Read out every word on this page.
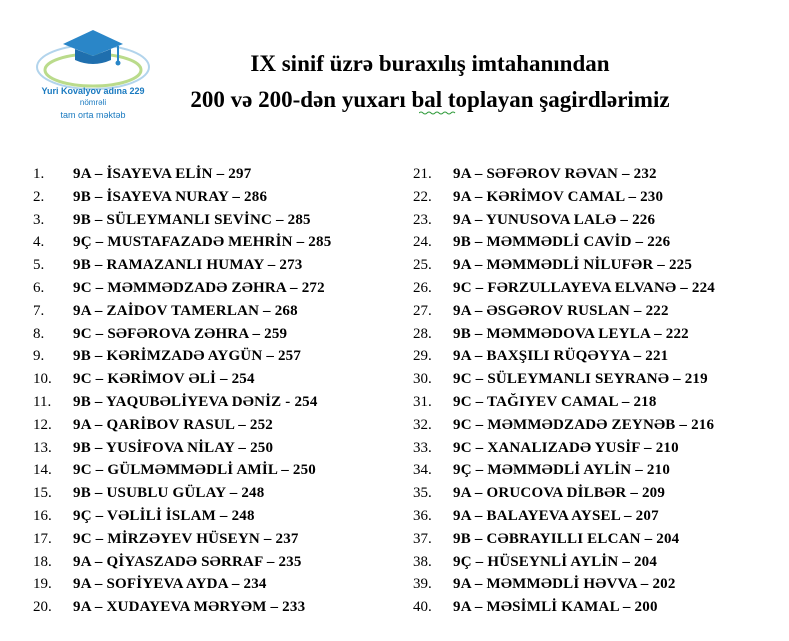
Yuri Kovalyov adına 229
nömrəli
tam orta məktəb
IX sinif üzrə buraxılış imtahanından
200 və 200-dən yuxarı bal toplayan şagirdlərimiz
1. 9A – İSAYEVA ELİN – 297
2. 9B – İSAYEVA NURAY – 286
3. 9B – SÜLEYMANLI SEVİNC – 285
4. 9Ç – MUSTAFAZADƏ MEHRİN – 285
5. 9B – RAMAZANLI HUMAY – 273
6. 9C – MƏMMƏDZADƏ ZƏHRA – 272
7. 9A – ZAİDOV TAMERLAN – 268
8. 9C – SƏFƏROVA ZƏHRA – 259
9. 9B – KƏRİMZADƏ AYGÜN – 257
10. 9C – KƏRİMOV ƏLİ – 254
11. 9B – YAQUBƏLİYEVA DƏNİZ - 254
12. 9A – QARİBOV RASUL – 252
13. 9B – YUSİFOVA NİLAY – 250
14. 9C – GÜLMƏMMƏDLİ AMİL – 250
15. 9B – USUBLU GÜLAY – 248
16. 9Ç – VƏLİLİ İSLAM – 248
17. 9C – MİRZƏYEV HÜSEYN – 237
18. 9A – QİYASZADƏ SƏRRAF – 235
19. 9A – SOFİYEVA AYDA – 234
20. 9A – XUDAYEVA MƏRYƏM – 233
21. 9A – SƏFƏROV RƏVAN – 232
22. 9A – KƏRİMOV CAMAL – 230
23. 9A – YUNUSOVA LALƏ – 226
24. 9B – MƏMMƏDLİ CAVİD – 226
25. 9A – MƏMMƏDLİ NİLUFƏR – 225
26. 9C – FƏRZULLAYEVA ELVANƏ – 224
27. 9A – ƏSGƏROV RUSLAN – 222
28. 9B – MƏMMƏDOVA LEYLA – 222
29. 9A – BAXŞILI RÜQƏYYA – 221
30. 9C – SÜLEYMANLI SEYRANƏ – 219
31. 9C – TAĞIYEV CAMAL – 218
32. 9C – MƏMMƏDZADƏ ZEYNƏB – 216
33. 9C – XANALIZADƏ YUSİF – 210
34. 9Ç – MƏMMƏDLİ AYLİN – 210
35. 9A – ORUCOVA DİLBƏR – 209
36. 9A – BALAYEVA AYSEL – 207
37. 9B – CƏBRAYILLI ELCAN – 204
38. 9Ç – HÜSEYNLİ AYLİN – 204
39. 9A – MƏMMƏDLİ HƏVVA – 202
40. 9A – MƏSİMLİ KAMAL – 200
